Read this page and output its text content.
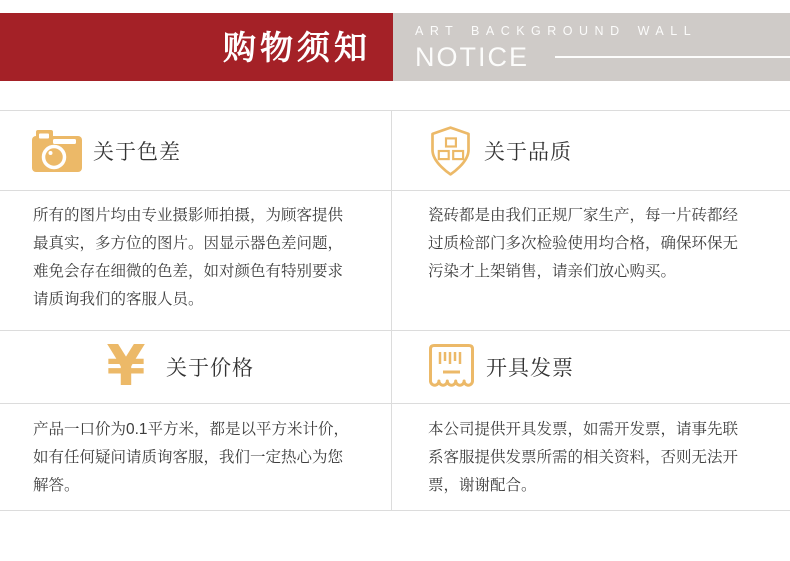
购物须知	ART BACKGROUND WALL
NOTICE
关于色差
所有的图片均由专业摄影师拍摄，为顾客提供
最真实，多方位的图片。因显示器色差问题，
难免会存在细微的色差，如对颜色有特别要求
请质询我们的客服人员。
¥ 关于价格
产品一口价为0.1平方米，都是以平方米计价，
如有任何疑问请质询客服，我们一定热心为您
解答。
关于品质
瓷砖都是由我们正规厂家生产，每一片砖都经
过质检部门多次检验使用均合格，确保环保无
污染才上架销售，请亲们放心购买。
开具发票
本公司提供开具发票，如需开发票，请事先联
系客服提供发票所需的相关资料，否则无法开
票，谢谢配合。
